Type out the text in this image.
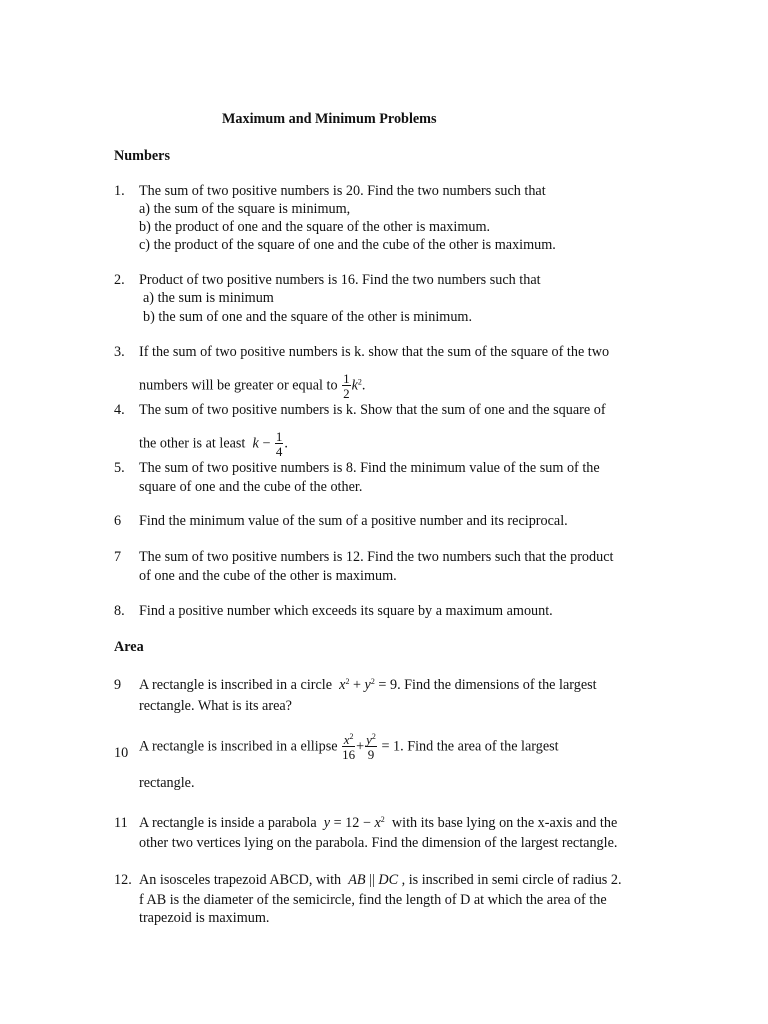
Maximum and Minimum Problems
Numbers
1. The sum of two positive numbers is 20. Find the two numbers such that
a) the sum of the square is minimum,
b) the product of one and the square of the other is maximum.
c) the product of the square of one and the cube of the other is maximum.
2. Product of two positive numbers is 16. Find the two numbers such that
a) the sum is minimum
b) the sum of one and the square of the other is minimum.
3. If the sum of two positive numbers is k. show that the sum of the square of the two
numbers will be greater or equal to $\frac{1}{2} k^2$.
4. The sum of two positive numbers is k. Show that the sum of one and the square of
the other is at least $k - \frac{1}{4}$ .
5. The sum of two positive numbers is 8. Find the minimum value of the sum of the
square of one and the cube of the other.
6 Find the minimum value of the sum of a positive number and its reciprocal.
7 The sum of two positive numbers is 12. Find the two numbers such that the product
of one and the cube of the other is maximum.
8. Find a positive number which exceeds its square by a maximum amount.
Area
9 A rectangle is inscribed in a circle $x^2 + y^2 = 9$. Find the dimensions of the largest
rectangle. What is its area?
10 A rectangle is inscribed in a ellipse $\frac{x^2}{16} + \frac{y^2}{9} = 1$. Find the area of the largest
rectangle.
11 A rectangle is inside a parabola $y = 12 - x^2$ with its base lying on the x-axis and the
other two vertices lying on the parabola. Find the dimension of the largest rectangle.
12. An isosceles trapezoid ABCD, with AB || DC , is inscribed in semi circle of radius 2.
f AB is the diameter of the semicircle, find the length of D at which the area of the
trapezoid is maximum.
